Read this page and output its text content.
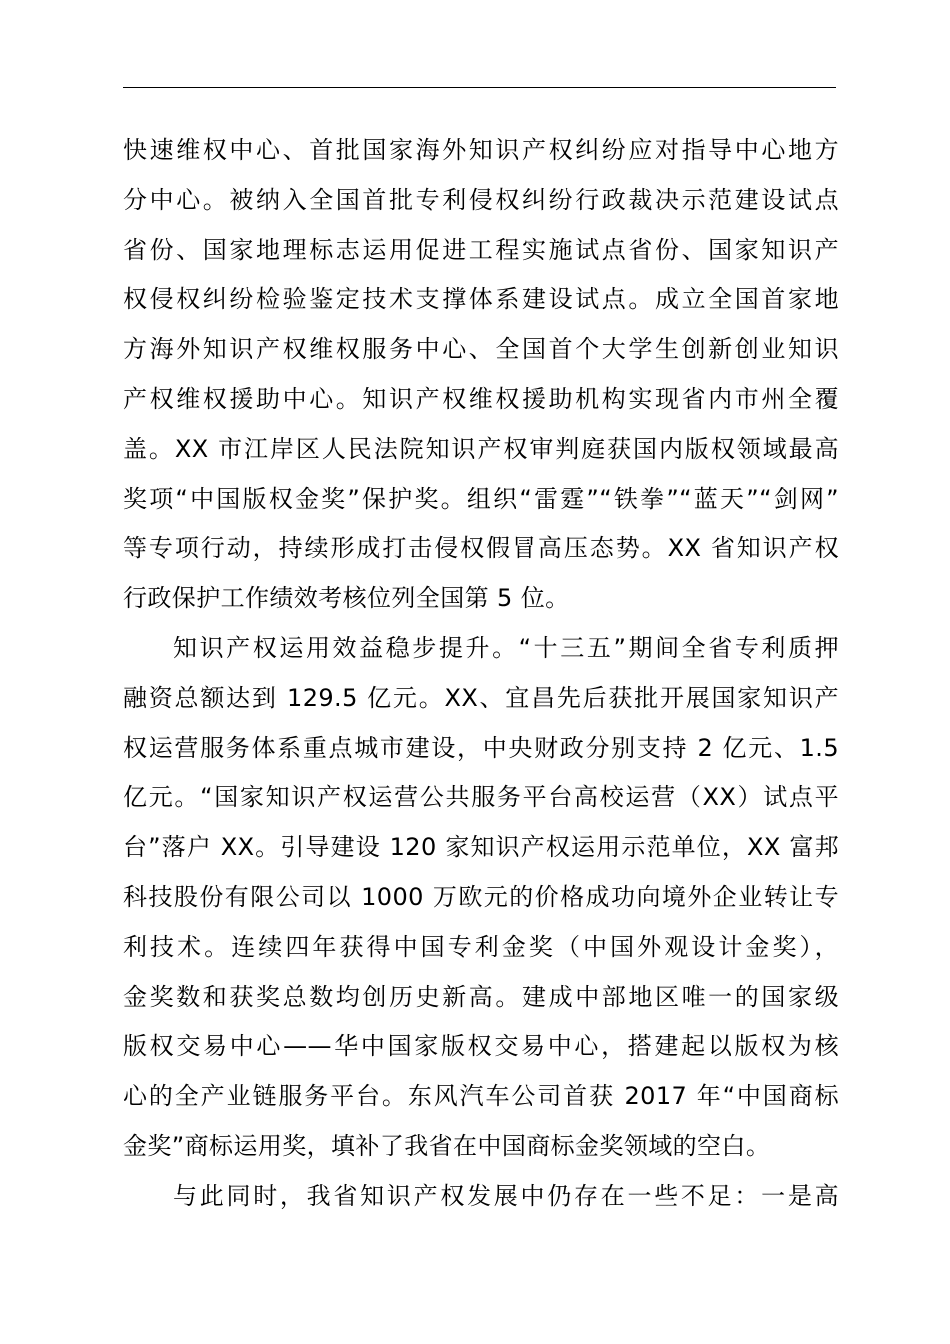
快速维权中心、首批国家海外知识产权纠纷应对指导中心地方
分中心。被纳入全国首批专利侵权纠纷行政裁决示范建设试点
省份、国家地理标志运用促进工程实施试点省份、国家知识产
权侵权纠纷检验鉴定技术支撑体系建设试点。成立全国首家地
方海外知识产权维权服务中心、全国首个大学生创新创业知识
产权维权援助中心。知识产权维权援助机构实现省内市州全覆
盖。XX 市江岸区人民法院知识产权审判庭获国内版权领域最高
奖项“中国版权金奖”保护奖。组织“雷霆”“铁拳”“蓝天”“剑网”
等专项行动，持续形成打击侵权假冒高压态势。XX 省知识产权
行政保护工作绩效考核位列全国第 5 位。
知识产权运用效益稳步提升。“十三五”期间全省专利质押
融资总额达到 129.5 亿元。XX、宜昌先后获批开展国家知识产
权运营服务体系重点城市建设，中央财政分别支持 2 亿元、1.5
亿元。“国家知识产权运营公共服务平台高校运营（XX）试点平
台”落户 XX。引导建设 120 家知识产权运用示范单位，XX 富邦
科技股份有限公司以 1000 万欧元的价格成功向境外企业转让专
利技术。连续四年获得中国专利金奖（中国外观设计金奖），
金奖数和获奖总数均创历史新高。建成中部地区唯一的国家级
版权交易中心——华中国家版权交易中心，搭建起以版权为核
心的全产业链服务平台。东风汽车公司首获 2017 年“中国商标
金奖”商标运用奖，填补了我省在中国商标金奖领域的空白。
与此同时，我省知识产权发展中仍存在一些不足：一是高
